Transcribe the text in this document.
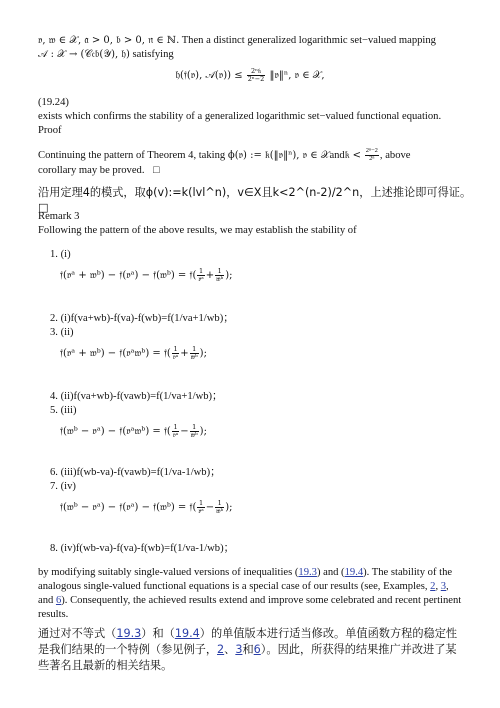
𝔳, 𝔴 ∈ 𝒳, 𝔞 > 0, 𝔟 > 0, 𝔫 ∈ ℕ. Then a distinct generalized logarithmic set−valued mapping
𝒜 : 𝒳 → (𝒞𝔠𝔟(𝒴), 𝔥) satisfying
𝔥(𝔣(𝔳), 𝒜(𝔳)) ≤ $\frac{\text{2ⁿ𝔨}}{\text{2ⁿ−2}}$ ‖𝔳‖ⁿ, 𝔳 ∈ 𝒳,
(19.24)
exists which confirms the stability of a generalized logarithmic set−valued functional equation.
Proof
Continuing the pattern of Theorem 4, taking ϕ(𝔳) := 𝔨(‖𝔳‖ⁿ), 𝔳 ∈ 𝒳and𝔨 < $\frac{\text{2ⁿ−2}}{\text{2ⁿ}}$ , above
corollary may be proved. □
沿用定理4的模式，取ϕ(v):=k(lvl^n)，v∈X且k<2^(n-2)/2^n，上述推论即可得证。□
Remark 3
Following the pattern of the above results, we may establish the stability of
1. (i)
𝔣(𝔳ᵃ + 𝔴ᵇ) − 𝔣(𝔳ᵃ) − 𝔣(𝔴ᵇ) = 𝔣( $\frac{1}{\text{𝔳ᵃ}} + \frac{1}{\text{𝔴ᵇ}}$ );
2. (i)f(va+wb)-f(va)-f(wb)=f(1/va+1/wb)；
3. (ii)
𝔣(𝔳ᵃ + 𝔴ᵇ) − 𝔣(𝔳ᵃ𝔴ᵇ) = 𝔣( $\frac{1}{\text{𝔳ᵃ}} + \frac{1}{\text{𝔴ᵇ}}$ );
4. (ii)f(va+wb)-f(vawb)=f(1/va+1/wb)；
5. (iii)
𝔣(𝔴ᵇ − 𝔳ᵃ) − 𝔣(𝔳ᵃ𝔴ᵇ) = 𝔣( $\frac{1}{\text{𝔳ᵃ}} - \frac{1}{\text{𝔴ᵇ}}$ );
6. (iii)f(wb-va)-f(vawb)=f(1/va-1/wb)；
7. (iv)
𝔣(𝔴ᵇ − 𝔳ᵃ) − 𝔣(𝔳ᵃ) − 𝔣(𝔴ᵇ) = 𝔣( $\frac{1}{\text{𝔳ᵃ}} - \frac{1}{\text{𝔴ᵇ}}$ );
8. (iv)f(wb-va)-f(va)-f(wb)=f(1/va-1/wb)；
by modifying suitably single-valued versions of inequalities (19.3) and (19.4). The stability of the analogous single-valued functional equations is a special case of our results (see, Examples, 2, 3, and 6). Consequently, the achieved results extend and improve some celebrated and recent pertinent results.
通过对不等式（19.3）和（19.4）的单值版本进行适当修改。单值函数方程的稳定性是我们结果的一个特例（参见例子，2、3和6）。因此，所获得的结果推广并改进了某些著名且最新的相关结果。
